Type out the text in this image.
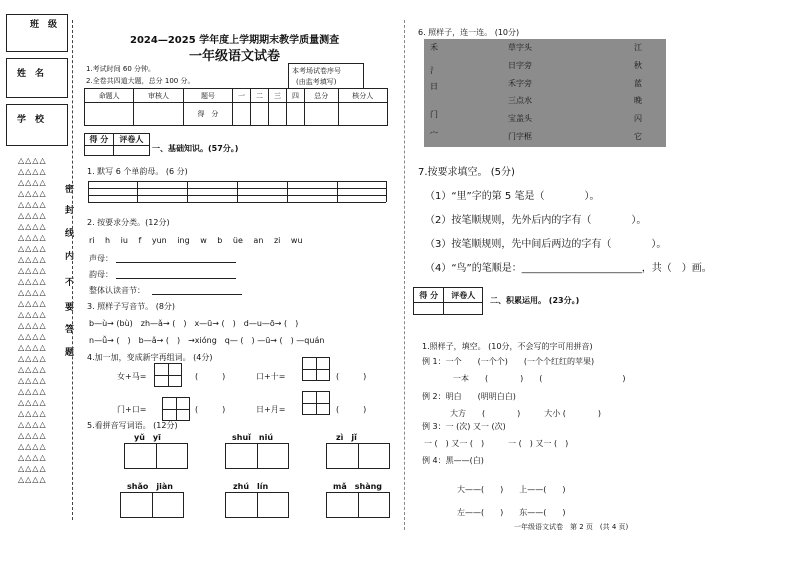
班　级
姓　名
学　校
△△△△
△△△△
△△△△
△△△△
△△△△
△△△△
△△△△
△△△△
△△△△
△△△△
△△△△
△△△△
△△△△
△△△△
△△△△
△△△△
△△△△
△△△△
△△△△
△△△△
△△△△
△△△△
△△△△
△△△△
△△△△
△△△△
△△△△
△△△△
△△△△
△△△△
密
封
线
内
不
要
答
题
2024—2025 学年度上学期期末教学质量测查
一年级语文试卷
1.考试时间 60 分钟。
2.全卷共四道大题，总分 100 分。
本考场试卷序号
(由监考填写)
命题人	审核人	题号	一	二	三	四	总分	核分人
		得　分						
得 分	评卷人

一、基础知识。(57分。)
1. 默写 6 个单韵母。 (6 分)
2. 按要求分类。(12分)
ri　 h　 iu　 f　 yun　 ing　 w　 b　 üe　 an　 zi　 wu
声母：
韵母：
整体认读音节：
3. 照样子写音节。 (8分)
b—ù→ (bù)　zh—ǎ→ (　)　x—ū→ (　)　d—u—ō→ (　)
n—ǚ→ (　)　b—ǎ→ (　)　→xióng　q— (　) —ū→ (　) —quán
4.加一加，变成新字再组词。 (4分)
女+马=	(　　　)	口+十=	(　　　)
门+口=	(　　　)	日+月=	(　　　)
5.看拼音写词语。 (12分)
yǔ　yī	shuǐ　niú	zì　jǐ
shǎo　jiàn	zhú　lín	mǎ　shàng
6. 照样子，连一连。 (10分)
禾
氵
日
门
宀
草字头
日字旁
禾字旁
三点水
宝盖头
门字框
江
秋
蓝
晚
闪
它
7.按要求填空。 (5分)
（1）“里”字的第 5 笔是（　　　　）。
（2）按笔顺规则，先外后内的字有（　　　　）。
（3）按笔顺规则，先中间后两边的字有（　　　　）。
（4）“鸟”的笔顺是：________________________，共（　）画。
得 分	评卷人

二、积累运用。 (23分。)
1.照样子，填空。 (10分，不会写的字可用拼音)
例 1：一个　　(一个个)　　(一个个红红的苹果)
一本　　(　　　　)　　(　　　　　　　　　　)
例 2：明白　　(明明白白)
大方　　(　　　　)　　　大小 (　　　　)
例 3：一 (次) 又一 (次)
一 (　) 又一 (　)　　　一 (　) 又一 (　)
例 4：黑——(白)
大——(　　)　　上——(　　)
左——(　　)　　东——(　　)
一年级语文试卷　第 2 页　(共 4 页)
